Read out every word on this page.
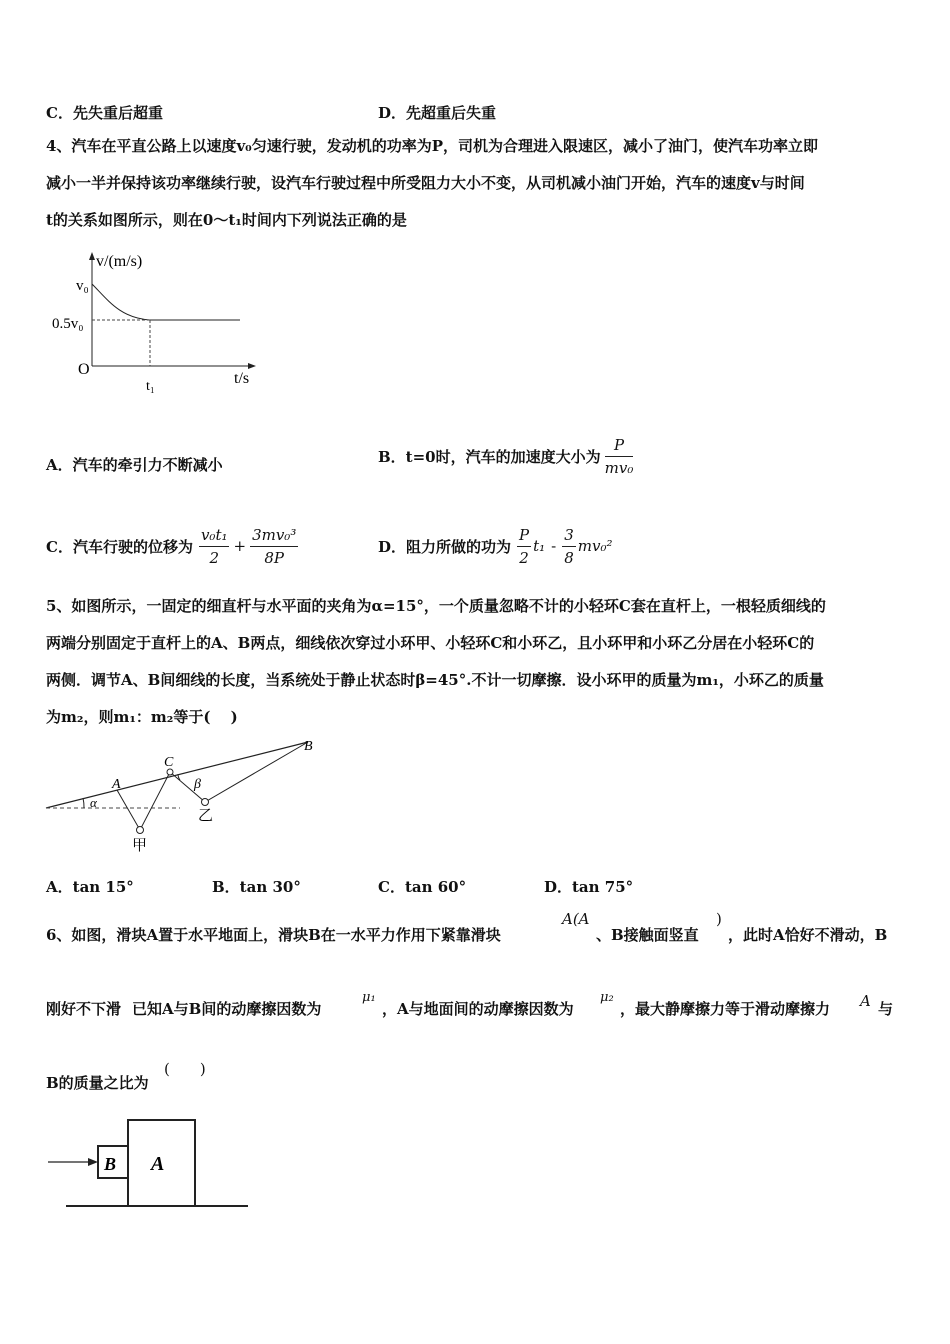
C．先失重后超重	D．先超重后失重
4、汽车在平直公路上以速度v₀匀速行驶，发动机的功率为P，司机为合理进入限速区，减小了油门，使汽车功率立即
减小一半并保持该功率继续行驶，设汽车行驶过程中所受阻力大小不变，从司机减小油门开始，汽车的速度v与时间
t的关系如图所示，则在0～t₁时间内下列说法正确的是
v/(m/s)
v₀
0.5v₀
O
t₁	t/s
A．汽车的牵引力不断减小	B．t=0时，汽车的加速度大小为 $\frac{P}{\text{mv₀}}$
C．汽车行驶的位移为 $\frac{\text{v₀t₁}}{2} + \frac{\text{3mv₀³}}{8P}$	D．阻力所做的功为 $\frac{P}{2} t_1 - \frac{3}{8} mv_0^2$
5、如图所示，一固定的细直杆与水平面的夹角为α=15°，一个质量忽略不计的小轻环C套在直杆上，一根轻质细线的
两端分别固定于直杆上的A、B两点，细线依次穿过小环甲、小轻环C和小环乙，且小环甲和小环乙分居在小轻环C的
两侧．调节A、B间细线的长度，当系统处于静止状态时β=45°.不计一切摩擦．设小环甲的质量为m₁，小环乙的质量
为m₂，则m₁：m₂等于(　 )
α
A
C
β
B
甲
乙
A．tan 15°	B．tan 30°	C．tan 60°	D．tan 75°
6、如图，滑块A置于水平地面上，滑块B在一水平力作用下紧靠滑块
A(A
、B接触面竖直
)
，此时A恰好不滑动，B
刚好不下滑 已知A与B间的动摩擦因数为
μ₁
，A与地面间的动摩擦因数为
μ₂
，最大静摩擦力等于滑动摩擦力 A 与
B的质量之比为
(　　)
A
B
